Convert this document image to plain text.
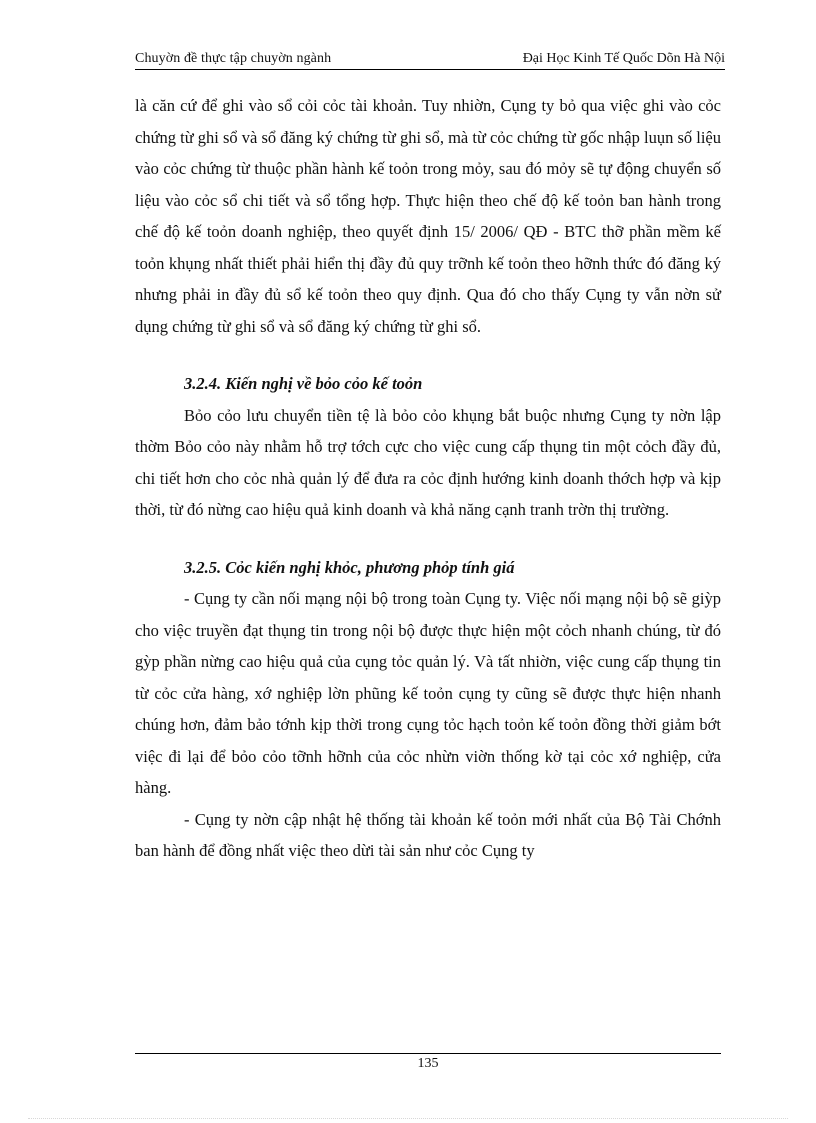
Chuyờn đề thực tập chuyờn ngành	Đại Học Kinh Tế Quốc Dõn Hà Nội

là căn cứ để ghi vào sổ cỏi cỏc tài khoản. Tuy nhiờn, Cụng ty bỏ qua việc ghi vào cỏc chứng từ ghi sổ và sổ đăng ký chứng từ ghi sổ, mà từ cỏc chứng từ gốc nhập luụn số liệu vào cỏc chứng từ thuộc phần hành kế toỏn trong mỏy, sau đó mỏy sẽ tự động chuyển số liệu vào cỏc sổ chi tiết và sổ tổng hợp. Thực hiện theo chế độ kế toỏn ban hành trong chế độ kế toỏn doanh nghiệp, theo quyết định 15/ 2006/ QĐ - BTC thỡ phần mềm kế toỏn khụng nhất thiết phải hiển thị đầy đủ quy trỡnh kế toỏn theo hỡnh thức đó đăng ký nhưng phải in đầy đủ sổ kế toỏn theo quy định. Qua đó cho thấy Cụng ty vẫn nờn sử dụng chứng từ ghi sổ và sổ đăng ký chứng từ ghi sổ.

3.2.4. Kiến nghị về bỏo cỏo kế toỏn

Bỏo cỏo lưu chuyển tiền tệ là bỏo cỏo khụng bắt buộc nhưng Cụng ty nờn lập thờm Bỏo cỏo này nhằm hỗ trợ tớch cực cho việc cung cấp thụng tin một cỏch đầy đủ, chi tiết hơn cho cỏc nhà quản lý để đưa ra cỏc định hướng kinh doanh thớch hợp và kịp thời, từ đó nừng cao hiệu quả kinh doanh và khả năng cạnh tranh trờn thị trường.

3.2.5. Cỏc kiến nghị khỏc, phương phỏp tính giá

- Cụng ty cần nối mạng nội bộ trong toàn Cụng ty. Việc nối mạng nội bộ sẽ giỳp cho việc truyền đạt thụng tin trong nội bộ được thực hiện một cỏch nhanh chúng, từ đó gỳp phần nừng cao hiệu quả của cụng tỏc quản lý. Và tất nhiờn, việc cung cấp thụng tin từ cỏc cửa hàng, xớ nghiệp lờn phũng kế toỏn cụng ty cũng sẽ được thực hiện nhanh chúng hơn, đảm bảo tớnh kịp thời trong cụng tỏc hạch toỏn kế toỏn đồng thời giảm bớt việc đi lại để bỏo cỏo tỡnh hỡnh của cỏc nhừn viờn thống kờ tại cỏc xớ nghiệp, cửa hàng.

- Cụng ty nờn cập nhật hệ thống tài khoản kế toỏn mới nhất của Bộ Tài Chớnh ban hành để đồng nhất việc theo dừi tài sản như cỏc Cụng ty

135
